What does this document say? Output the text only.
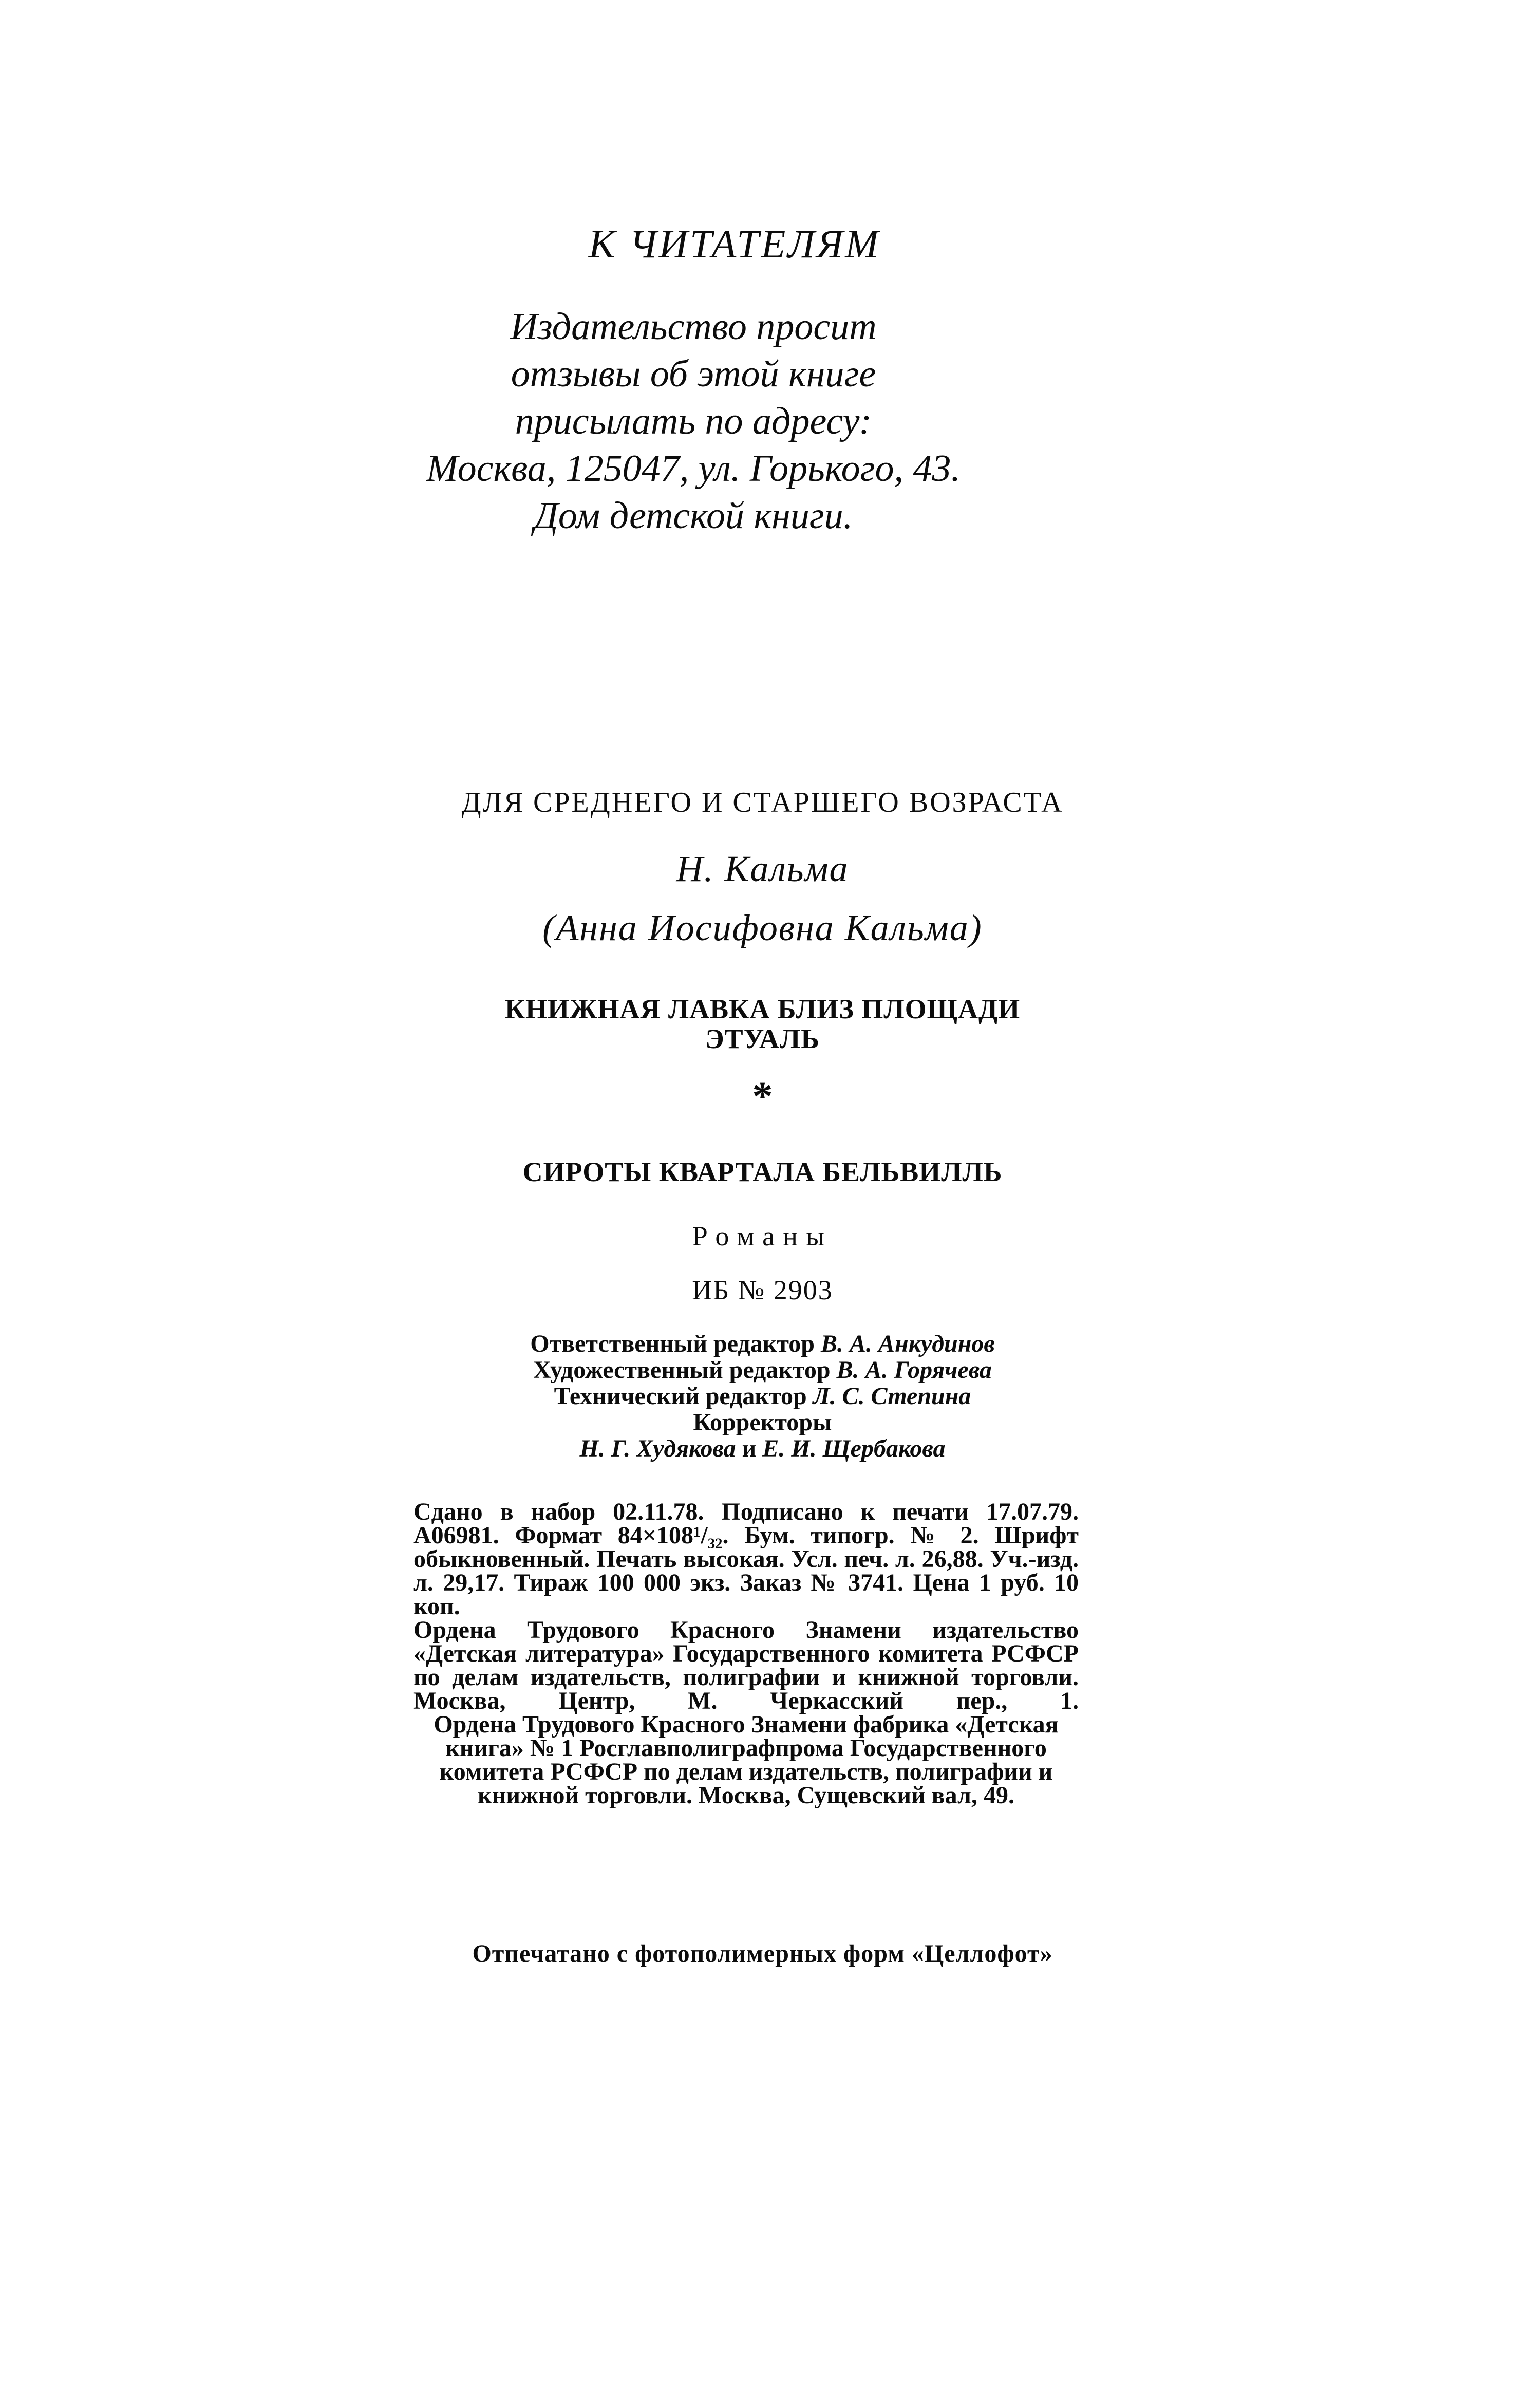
К ЧИТАТЕЛЯМ
Издательство просит
отзывы об этой книге
присылать по адресу:
Москва, 125047, ул. Горького, 43.
Дом детской книги.
ДЛЯ СРЕДНЕГО И СТАРШЕГО ВОЗРАСТА
Н. Кальма
(Анна Иосифовна Кальма)
КНИЖНАЯ ЛАВКА БЛИЗ ПЛОЩАДИ
ЭТУАЛЬ
*
СИРОТЫ КВАРТАЛА БЕЛЬВИЛЛЬ
Романы
ИБ № 2903
Ответственный редактор В. А. Анкудинов
Художественный редактор В. А. Горячева
Технический редактор Л. С. Степина
Корректоры
Н. Г. Худякова и Е. И. Щербакова

Сдано в набор 02.11.78. Подписано к печати 17.07.79. А06981. Формат 84×108¹/₃₂. Бум. типогр. № 2. Шрифт обыкновенный. Печать высокая. Усл. печ. л. 26,88. Уч.-изд. л. 29,17. Тираж 100 000 экз. Заказ № 3741. Цена 1 руб. 10 коп.

Ордена Трудового Красного Знамени издательство «Детская литература» Государственного комитета РСФСР по делам издательств, полиграфии и книжной торговли. Москва, Центр, М. Черкасский пер., 1.

Ордена Трудового Красного Знамени фабрика «Детская книга» № 1 Росглавполиграфпрома Государственного комитета РСФСР по делам издательств, полиграфии и книжной торговли. Москва, Сущевский вал, 49.

Отпечатано с фотополимерных форм «Целлофот»
